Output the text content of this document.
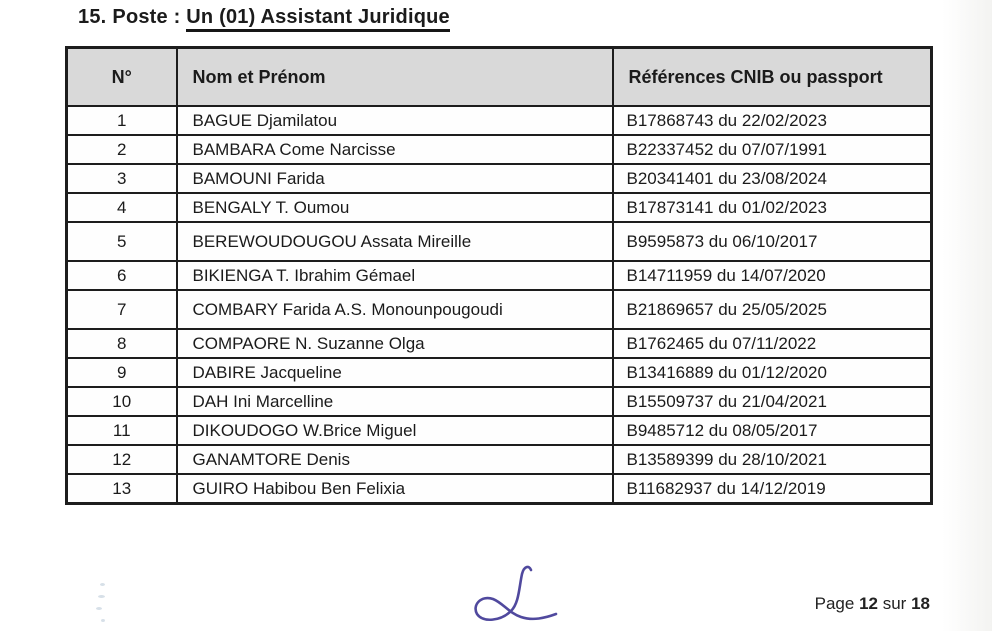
15. Poste : Un (01) Assistant Juridique
N°	Nom et Prénom	Références CNIB ou passport
1	BAGUE Djamilatou	B17868743 du 22/02/2023
2	BAMBARA Come Narcisse	B22337452 du 07/07/1991
3	BAMOUNI Farida	B20341401 du 23/08/2024
4	BENGALY T. Oumou	B17873141 du 01/02/2023
5	BEREWOUDOUGOU Assata Mireille	B9595873 du 06/10/2017
6	BIKIENGA T. Ibrahim Gémael	B14711959 du 14/07/2020
7	COMBARY Farida A.S. Monounpougoudi	B21869657 du 25/05/2025
8	COMPAORE N. Suzanne Olga	B1762465 du 07/11/2022
9	DABIRE Jacqueline	B13416889 du 01/12/2020
10	DAH Ini Marcelline	B15509737 du 21/04/2021
11	DIKOUDOGO W.Brice Miguel	B9485712 du 08/05/2017
12	GANAMTORE Denis	B13589399 du 28/10/2021
13	GUIRO Habibou Ben Felixia	B11682937 du 14/12/2019
Page 12 sur 18
